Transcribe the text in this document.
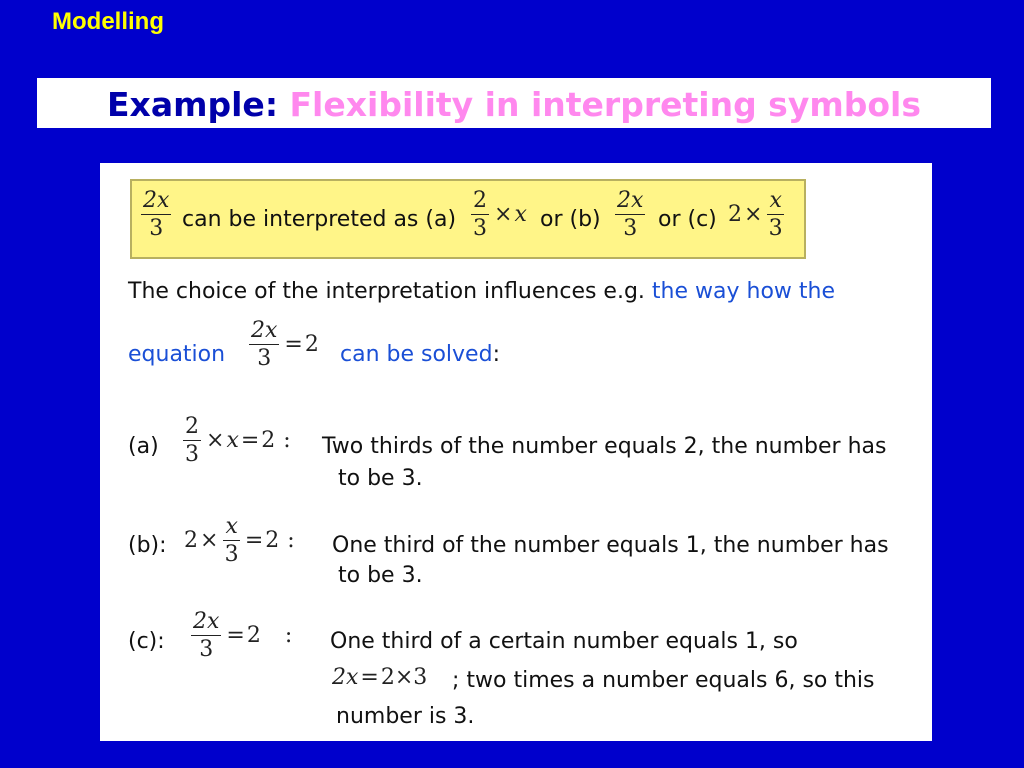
Modelling
Example: Flexibility in interpreting symbols
$\frac{2x}{3}$ can be interpreted as $(a) \frac{2}{3} \times x$ or $(b) \frac{2x}{3}$ or (c) $2 \times \frac{x}{3}$
The choice of the interpretation influences e.g. the way how the
equation $\frac{2x}{3} = 2$ can be solved:
$(a) \frac{2}{3} \times x = 2$ : Two thirds of the number equals 2, the number has
to be 3.
(b): $2 \times \frac{x}{3} = 2$ : One third of the number equals 1, the number has
to be 3.
(c): $\frac{2x}{3} = 2$ : One third of a certain number equals 1, so
2x = 2×3 ; two times a number equals 6, so this
number is 3.
